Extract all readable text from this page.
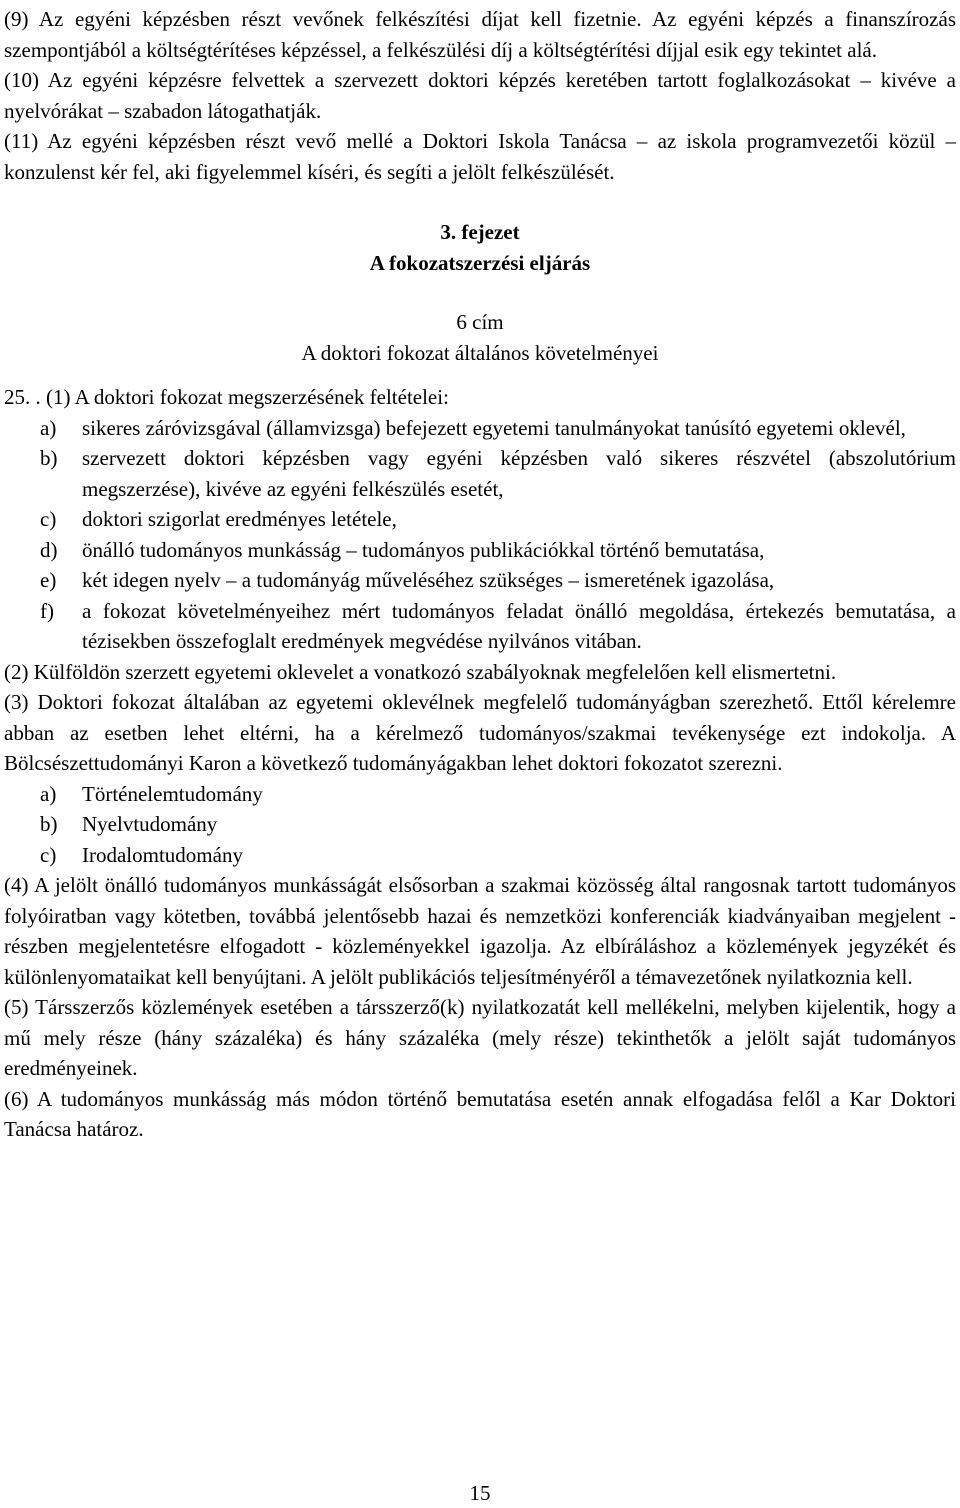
(9) Az egyéni képzésben részt vevőnek felkészítési díjat kell fizetnie. Az egyéni képzés a finanszírozás szempontjából a költségtérítéses képzéssel, a felkészülési díj a költségtérítési díjjal esik egy tekintet alá.

(10) Az egyéni képzésre felvettek a szervezett doktori képzés keretében tartott foglalkozásokat – kivéve a nyelvórákat – szabadon látogathatják.

(11) Az egyéni képzésben részt vevő mellé a Doktori Iskola Tanácsa – az iskola programvezetői közül – konzulenst kér fel, aki figyelemmel kíséri, és segíti a jelölt felkészülését.

3. fejezet

A fokozatszerzési eljárás

6 cím

A doktori fokozat általános követelményei

25. . (1) A doktori fokozat megszerzésének feltételei:

a)	sikeres záróvizsgával (államvizsga) befejezett egyetemi tanulmányokat tanúsító egyetemi oklevél,
b)	szervezett doktori képzésben vagy egyéni képzésben való sikeres részvétel (abszolutórium megszerzése), kivéve az egyéni felkészülés esetét,
c)	doktori szigorlat eredményes letétele,
d)	önálló tudományos munkásság – tudományos publikációkkal történő bemutatása,
e)	két idegen nyelv – a tudományág műveléséhez szükséges – ismeretének igazolása,
f)	a fokozat követelményeihez mért tudományos feladat önálló megoldása, értekezés bemutatása, a tézisekben összefoglalt eredmények megvédése nyilvános vitában.

(2) Külföldön szerzett egyetemi oklevelet a vonatkozó szabályoknak megfelelően kell elismertetni.

(3) Doktori fokozat általában az egyetemi oklevélnek megfelelő tudományágban szerezhető. Ettől kérelemre abban az esetben lehet eltérni, ha a kérelmező tudományos/szakmai tevékenysége ezt indokolja. A Bölcsészettudományi Karon a következő tudományágakban lehet doktori fokozatot szerezni.

a)	Történelemtudomány
b)	Nyelvtudomány
c)	Irodalomtudomány

(4) A jelölt önálló tudományos munkásságát elsősorban a szakmai közösség által rangosnak tartott tudományos folyóiratban vagy kötetben, továbbá jelentősebb hazai és nemzetközi konferenciák kiadványaiban megjelent - részben megjelentetésre elfogadott - közleményekkel igazolja. Az elbíráláshoz a közlemények jegyzékét és különlenyomataikat kell benyújtani. A jelölt publikációs teljesítményéről a témavezetőnek nyilatkoznia kell.

(5) Társszerzős közlemények esetében a társszerző(k) nyilatkozatát kell mellékelni, melyben kijelentik, hogy a mű mely része (hány százaléka) és hány százaléka (mely része) tekinthetők a jelölt saját tudományos eredményeinek.

(6) A tudományos munkásság más módon történő bemutatása esetén annak elfogadása felől a Kar Doktori Tanácsa határoz.

15
